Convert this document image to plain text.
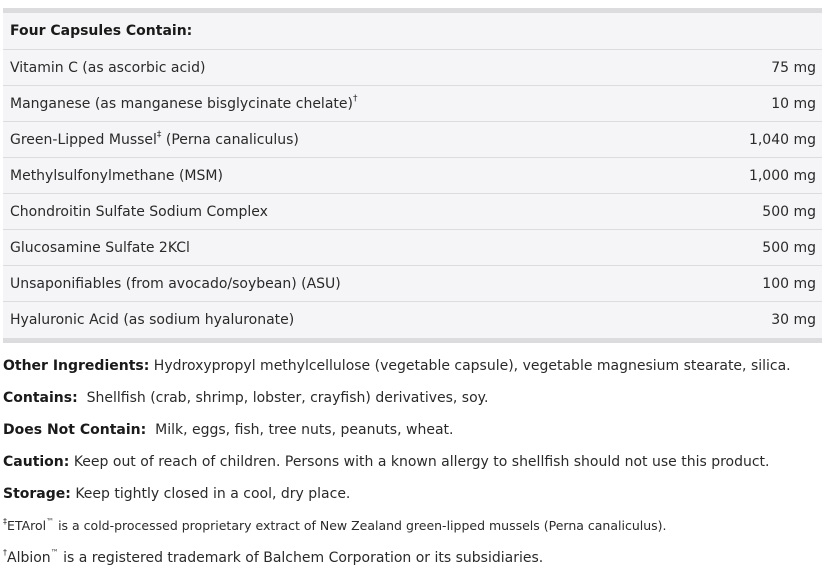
Four Capsules Contain:
Vitamin C (as ascorbic acid)	75 mg
Manganese (as manganese bisglycinate chelate)†	10 mg
Green-Lipped Mussel‡ (Perna canaliculus)	1,040 mg
Methylsulfonylmethane (MSM)	1,000 mg
Chondroitin Sulfate Sodium Complex	500 mg
Glucosamine Sulfate 2KCl	500 mg
Unsaponifiables (from avocado/soybean) (ASU)	100 mg
Hyaluronic Acid (as sodium hyaluronate)	30 mg
Other Ingredients: Hydroxypropyl methylcellulose (vegetable capsule), vegetable magnesium stearate, silica.
Contains:  Shellfish (crab, shrimp, lobster, crayfish) derivatives, soy.
Does Not Contain:  Milk, eggs, fish, tree nuts, peanuts, wheat.
Caution: Keep out of reach of children. Persons with a known allergy to shellfish should not use this product.
Storage: Keep tightly closed in a cool, dry place.
‡ETArol™ is a cold-processed proprietary extract of New Zealand green-lipped mussels (Perna canaliculus).
†Albion™ is a registered trademark of Balchem Corporation or its subsidiaries.
